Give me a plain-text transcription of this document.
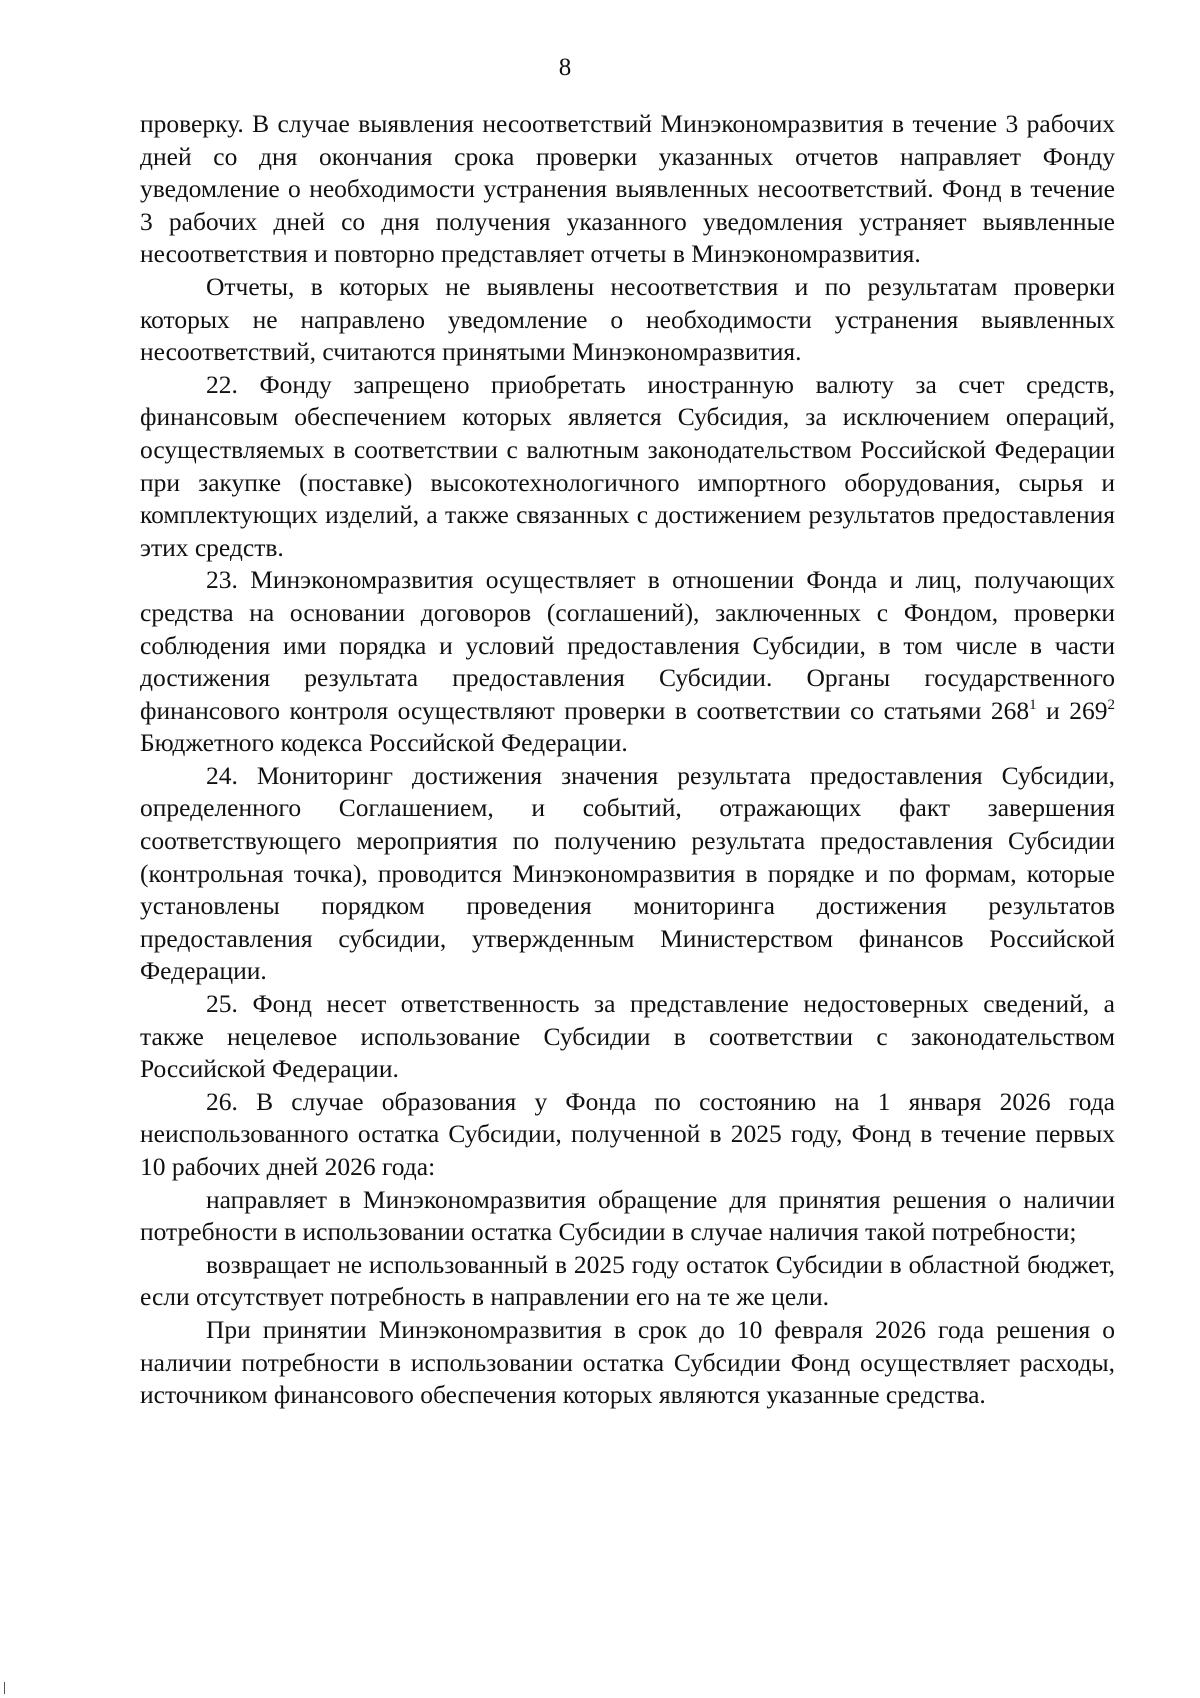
8

проверку. В случае выявления несоответствий Минэкономразвития в течение 3 рабочих дней со дня окончания срока проверки указанных отчетов направляет Фонду уведомление о необходимости устранения выявленных несоответствий. Фонд в течение 3 рабочих дней со дня получения указанного уведомления устраняет выявленные несоответствия и повторно представляет отчеты в Минэкономразвития.

Отчеты, в которых не выявлены несоответствия и по результатам проверки которых не направлено уведомление о необходимости устранения выявленных несоответствий, считаются принятыми Минэкономразвития.

22. Фонду запрещено приобретать иностранную валюту за счет средств, финансовым обеспечением которых является Субсидия, за исключением операций, осуществляемых в соответствии с валютным законодательством Российской Федерации при закупке (поставке) высокотехнологичного импортного оборудования, сырья и комплектующих изделий, а также связанных с достижением результатов предоставления этих средств.

23. Минэкономразвития осуществляет в отношении Фонда и лиц, получающих средства на основании договоров (соглашений), заключенных с Фондом, проверки соблюдения ими порядка и условий предоставления Субсидии, в том числе в части достижения результата предоставления Субсидии. Органы государственного финансового контроля осуществляют проверки в соответствии со статьями $268^1$ и $269^2$ Бюджетного кодекса Российской Федерации.

24. Мониторинг достижения значения результата предоставления Субсидии, определенного Соглашением, и событий, отражающих факт завершения соответствующего мероприятия по получению результата предоставления Субсидии (контрольная точка), проводится Минэкономразвития в порядке и по формам, которые установлены порядком проведения мониторинга достижения результатов предоставления субсидии, утвержденным Министерством финансов Российской Федерации.

25. Фонд несет ответственность за представление недостоверных сведений, а также нецелевое использование Субсидии в соответствии с законодательством Российской Федерации.

26. В случае образования у Фонда по состоянию на 1 января 2026 года неиспользованного остатка Субсидии, полученной в 2025 году, Фонд в течение первых 10 рабочих дней 2026 года:

направляет в Минэкономразвития обращение для принятия решения о наличии потребности в использовании остатка Субсидии в случае наличия такой потребности;

возвращает не использованный в 2025 году остаток Субсидии в областной бюджет, если отсутствует потребность в направлении его на те же цели.

При принятии Минэкономразвития в срок до 10 февраля 2026 года решения о наличии потребности в использовании остатка Субсидии Фонд осуществляет расходы, источником финансового обеспечения которых являются указанные средства.
